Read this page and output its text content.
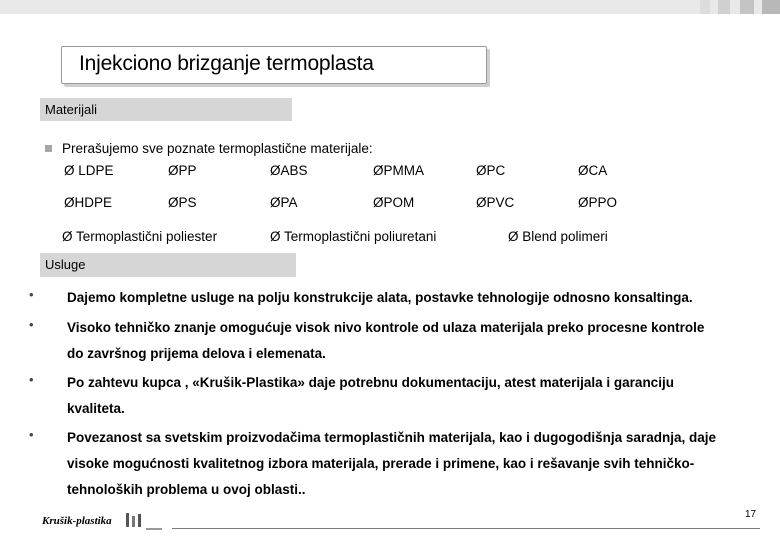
Injekciono brizganje termoplasta
Materijali
Prerašujemo sve poznate termoplastične materijale:
Ø LDPE	ØPP	ØABS	ØPMMA	ØPC	ØCA
ØHDPE	ØPS	ØPA	ØPOM	ØPVC	ØPPO
Ø Termoplastični poliester	Ø Termoplastični poliuretani	Ø Blend polimeri
Usluge
• Dajemo kompletne usluge na polju konstrukcije alata, postavke tehnologije odnosno konsaltinga.
• Visoko tehničko znanje omogućuje visok nivo kontrole od ulaza materijala preko procesne kontrole
do završnog prijema delova i elemenata.
• Po zahtevu kupca , «Krušik-Plastika» daje potrebnu dokumentaciju, atest materijala i garanciju
kvaliteta.
• Povezanost sa svetskim proizvodačima termoplastičnih materijala, kao i dugogodišnja saradnja, daje
visoke mogućnosti kvalitetnog izbora materijala, prerade i primene, kao i rešavanje svih tehničko-
tehnoloških problema u ovoj oblasti..
Krušik-plastika
17
